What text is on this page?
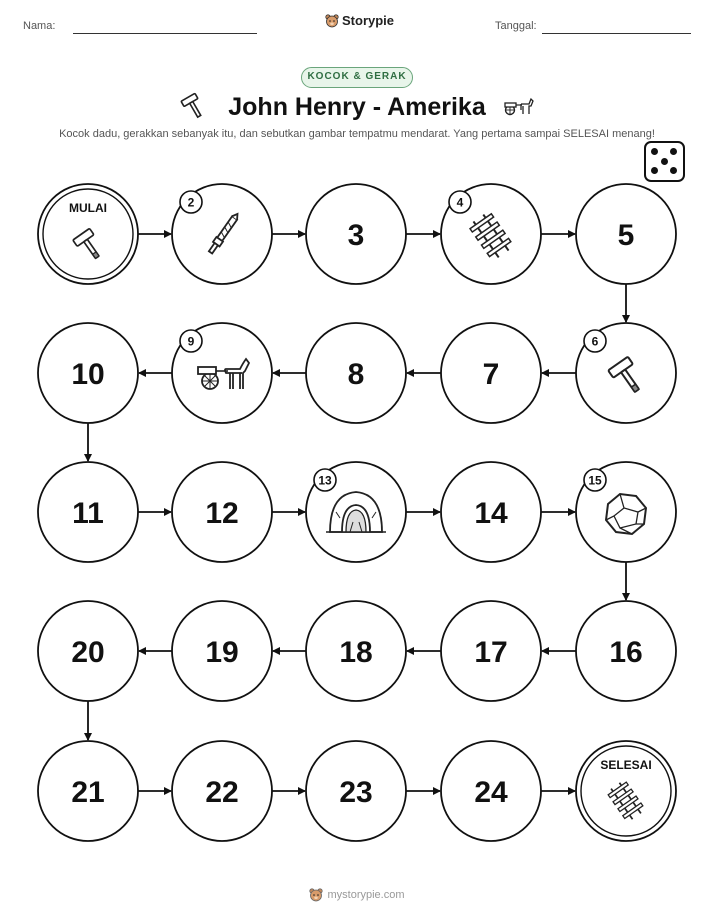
Nama:	Storypie	Tanggal:
KOCOK & GERAK
John Henry - Amerika
Kocok dadu, gerakkan sebanyak itu, dan sebutkan gambar tempatmu mendarat. Yang pertama sampai SELESAI menang!
MULAI	2
3
4
5
6
7
8
9
10
11	12
13
14
15
16
17
18
19
20
21	22	23	24
SELESAI
mystorypie.com
